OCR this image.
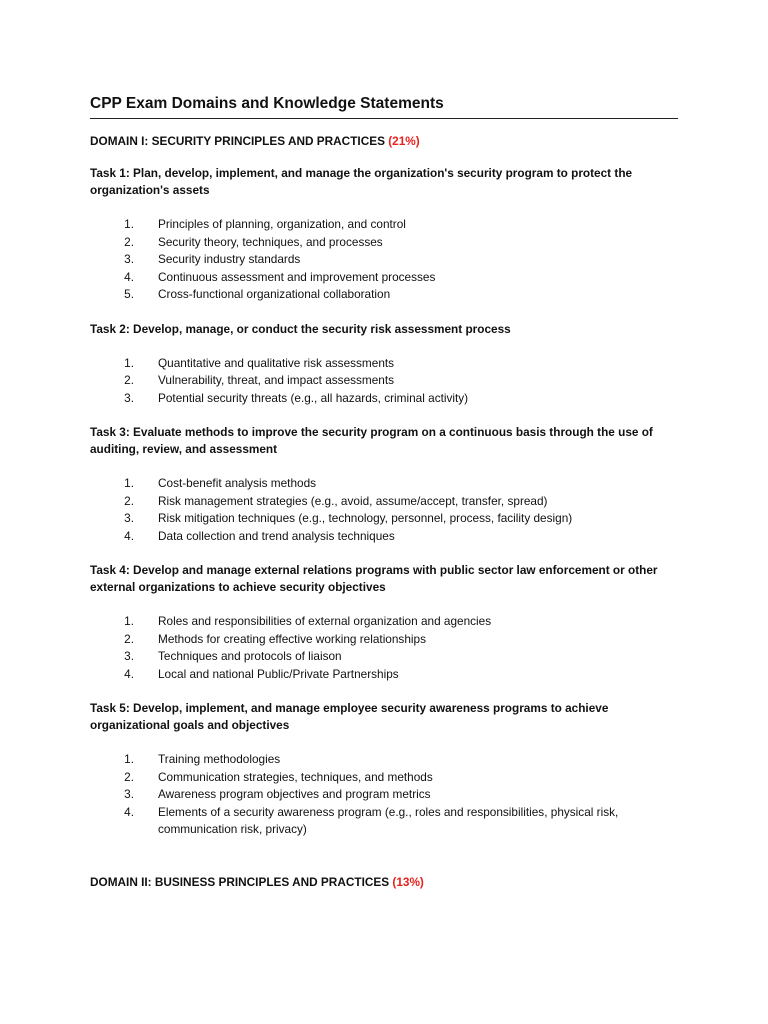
CPP Exam Domains and Knowledge Statements

DOMAIN I: SECURITY PRINCIPLES AND PRACTICES (21%)

Task 1: Plan, develop, implement, and manage the organization's security program to protect the organization's assets

1.	Principles of planning, organization, and control
2.	Security theory, techniques, and processes
3.	Security industry standards
4.	Continuous assessment and improvement processes
5.	Cross-functional organizational collaboration

Task 2: Develop, manage, or conduct the security risk assessment process

1.	Quantitative and qualitative risk assessments
2.	Vulnerability, threat, and impact assessments
3.	Potential security threats (e.g., all hazards, criminal activity)

Task 3: Evaluate methods to improve the security program on a continuous basis through the use of auditing, review, and assessment

1.	Cost-benefit analysis methods
2.	Risk management strategies (e.g., avoid, assume/accept, transfer, spread)
3.	Risk mitigation techniques (e.g., technology, personnel, process, facility design)
4.	Data collection and trend analysis techniques

Task 4: Develop and manage external relations programs with public sector law enforcement or other external organizations to achieve security objectives

1.	Roles and responsibilities of external organization and agencies
2.	Methods for creating effective working relationships
3.	Techniques and protocols of liaison
4.	Local and national Public/Private Partnerships

Task 5: Develop, implement, and manage employee security awareness programs to achieve organizational goals and objectives

1.	Training methodologies
2.	Communication strategies, techniques, and methods
3.	Awareness program objectives and program metrics
4.	Elements of a security awareness program (e.g., roles and responsibilities, physical risk, communication risk, privacy)

DOMAIN II: BUSINESS PRINCIPLES AND PRACTICES (13%)
